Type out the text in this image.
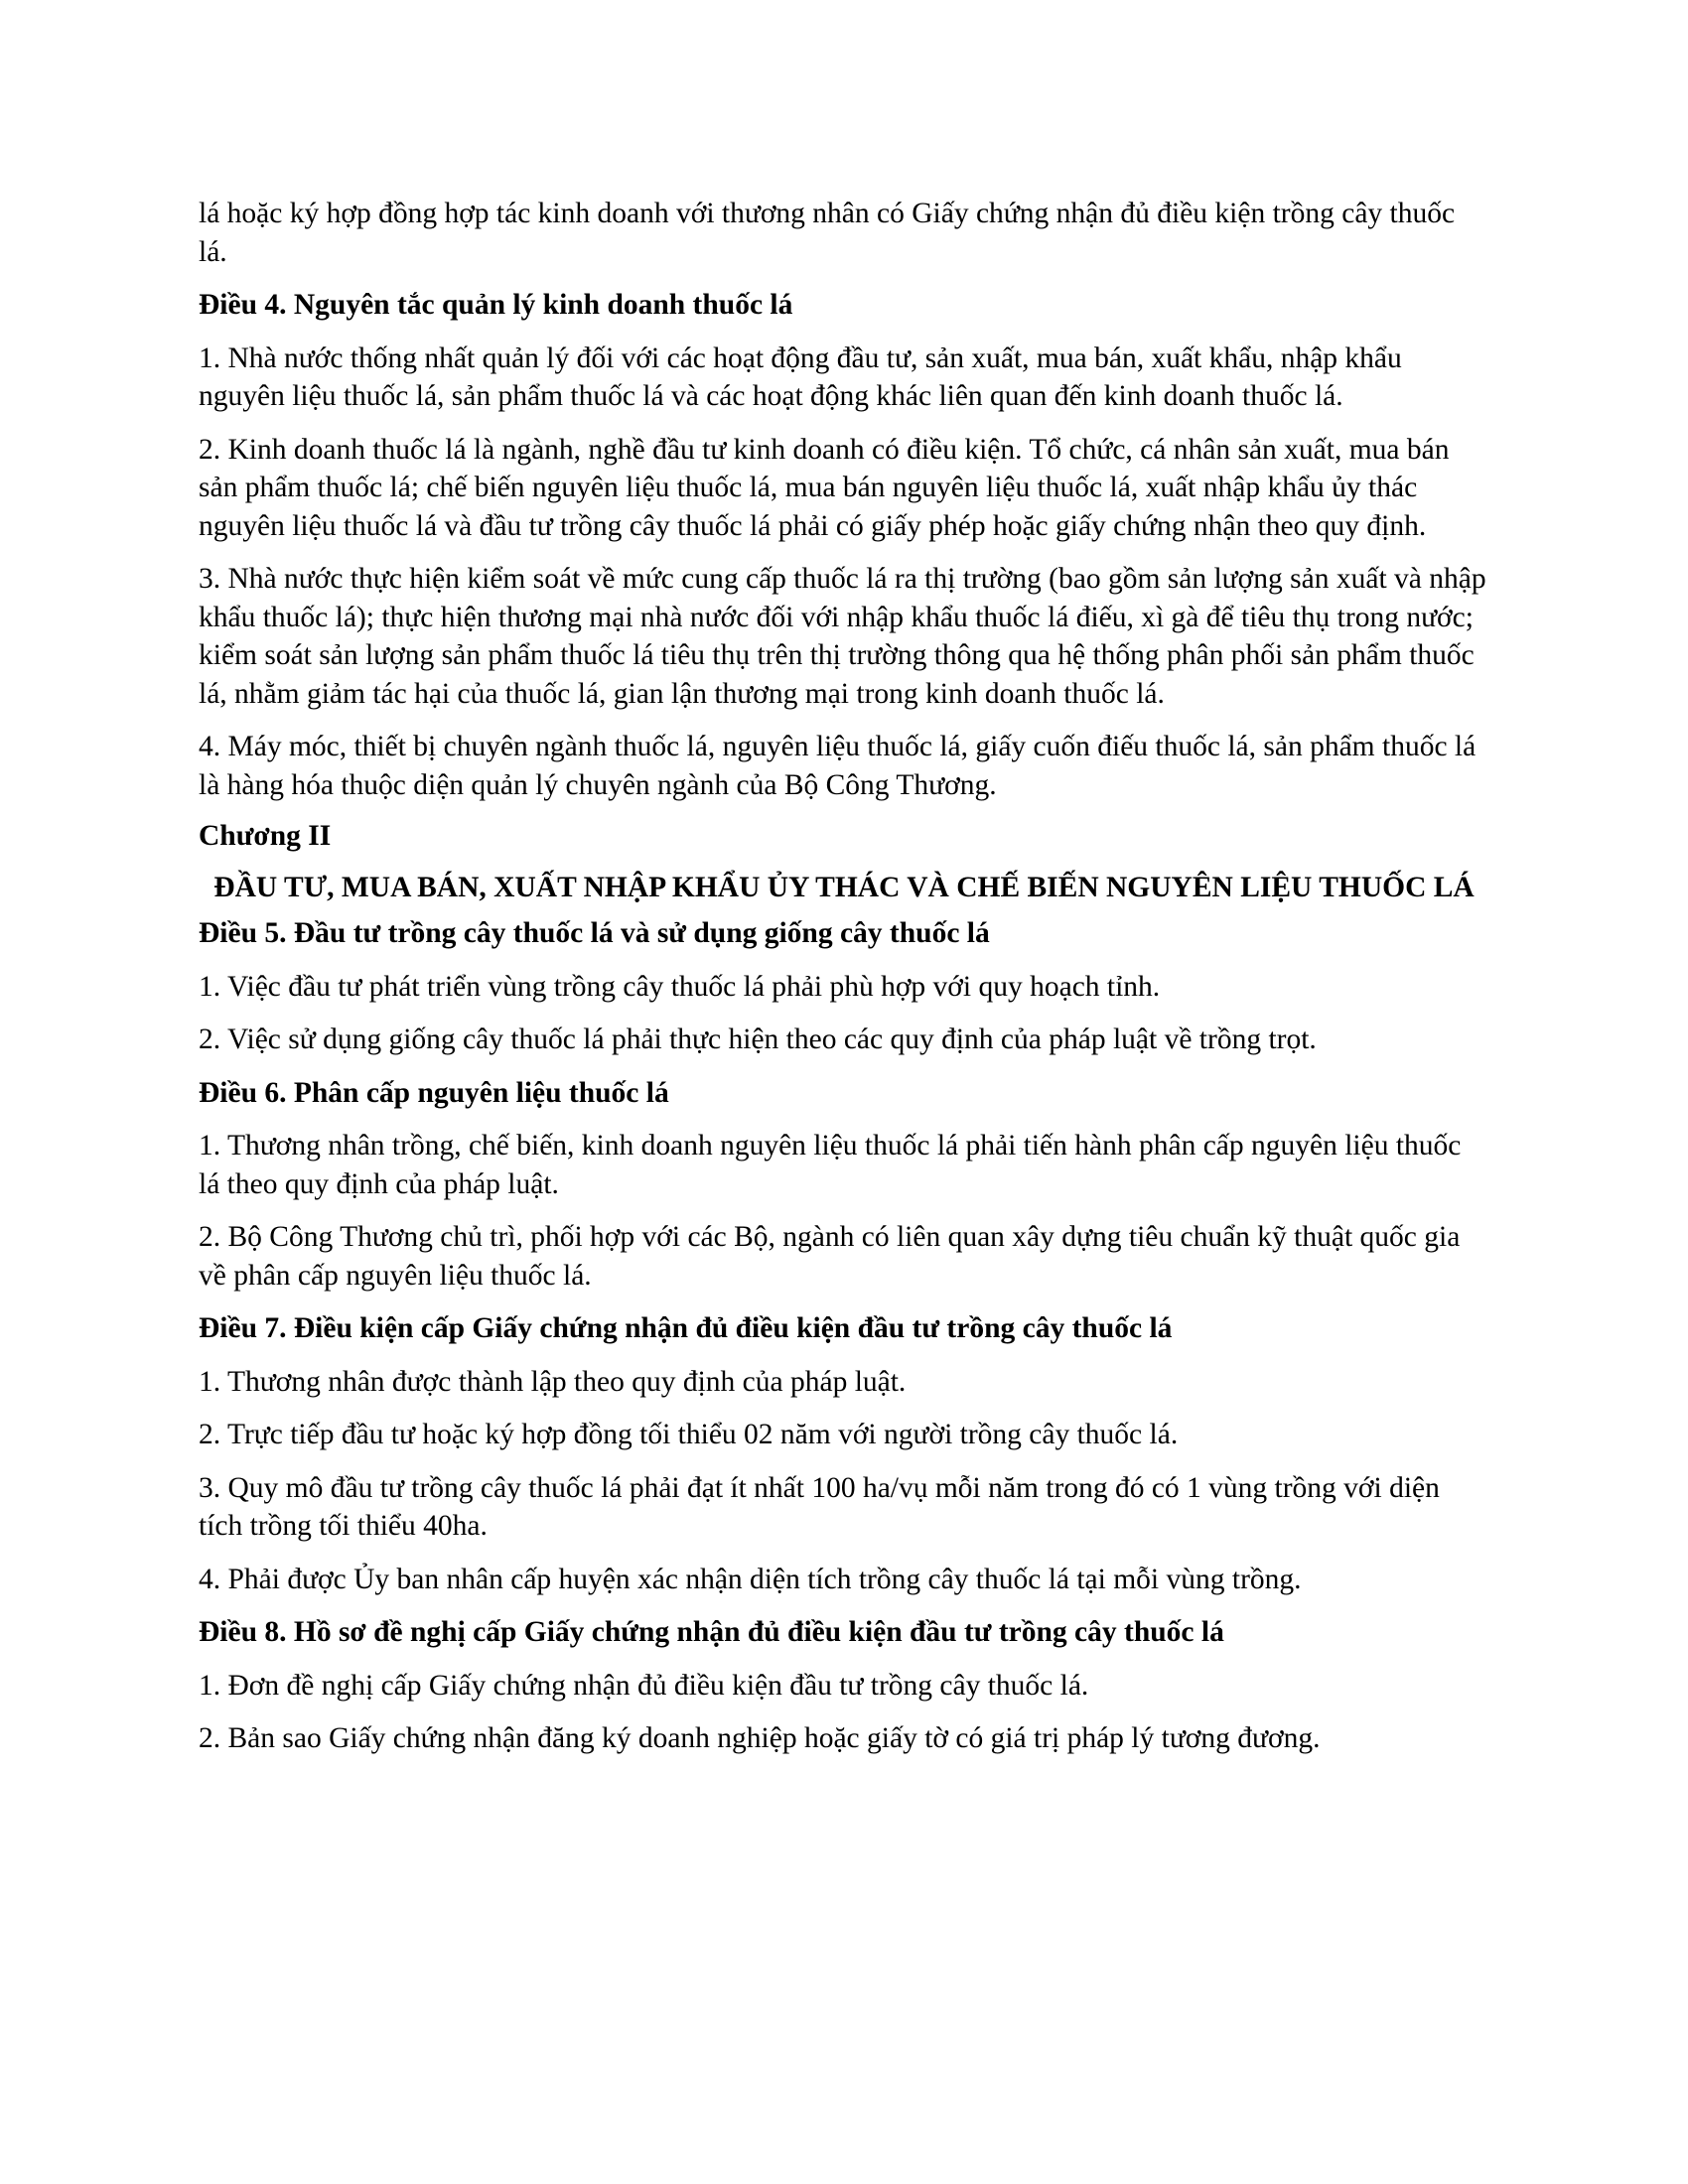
lá hoặc ký hợp đồng hợp tác kinh doanh với thương nhân có Giấy chứng nhận đủ điều kiện trồng cây thuốc lá.

Điều 4. Nguyên tắc quản lý kinh doanh thuốc lá

1. Nhà nước thống nhất quản lý đối với các hoạt động đầu tư, sản xuất, mua bán, xuất khẩu, nhập khẩu nguyên liệu thuốc lá, sản phẩm thuốc lá và các hoạt động khác liên quan đến kinh doanh thuốc lá.

2. Kinh doanh thuốc lá là ngành, nghề đầu tư kinh doanh có điều kiện. Tổ chức, cá nhân sản xuất, mua bán sản phẩm thuốc lá; chế biến nguyên liệu thuốc lá, mua bán nguyên liệu thuốc lá, xuất nhập khẩu ủy thác nguyên liệu thuốc lá và đầu tư trồng cây thuốc lá phải có giấy phép hoặc giấy chứng nhận theo quy định.

3. Nhà nước thực hiện kiểm soát về mức cung cấp thuốc lá ra thị trường (bao gồm sản lượng sản xuất và nhập khẩu thuốc lá); thực hiện thương mại nhà nước đối với nhập khẩu thuốc lá điếu, xì gà để tiêu thụ trong nước; kiểm soát sản lượng sản phẩm thuốc lá tiêu thụ trên thị trường thông qua hệ thống phân phối sản phẩm thuốc lá, nhằm giảm tác hại của thuốc lá, gian lận thương mại trong kinh doanh thuốc lá.

4. Máy móc, thiết bị chuyên ngành thuốc lá, nguyên liệu thuốc lá, giấy cuốn điếu thuốc lá, sản phẩm thuốc lá là hàng hóa thuộc diện quản lý chuyên ngành của Bộ Công Thương.

Chương II

ĐẦU TƯ, MUA BÁN, XUẤT NHẬP KHẨU ỦY THÁC VÀ CHẾ BIẾN NGUYÊN LIỆU THUỐC LÁ

Điều 5. Đầu tư trồng cây thuốc lá và sử dụng giống cây thuốc lá

1. Việc đầu tư phát triển vùng trồng cây thuốc lá phải phù hợp với quy hoạch tỉnh.

2. Việc sử dụng giống cây thuốc lá phải thực hiện theo các quy định của pháp luật về trồng trọt.

Điều 6. Phân cấp nguyên liệu thuốc lá

1. Thương nhân trồng, chế biến, kinh doanh nguyên liệu thuốc lá phải tiến hành phân cấp nguyên liệu thuốc lá theo quy định của pháp luật.

2. Bộ Công Thương chủ trì, phối hợp với các Bộ, ngành có liên quan xây dựng tiêu chuẩn kỹ thuật quốc gia về phân cấp nguyên liệu thuốc lá.

Điều 7. Điều kiện cấp Giấy chứng nhận đủ điều kiện đầu tư trồng cây thuốc lá

1. Thương nhân được thành lập theo quy định của pháp luật.

2. Trực tiếp đầu tư hoặc ký hợp đồng tối thiểu 02 năm với người trồng cây thuốc lá.

3. Quy mô đầu tư trồng cây thuốc lá phải đạt ít nhất 100 ha/vụ mỗi năm trong đó có 1 vùng trồng với diện tích trồng tối thiểu 40ha.

4. Phải được Ủy ban nhân cấp huyện xác nhận diện tích trồng cây thuốc lá tại mỗi vùng trồng.

Điều 8. Hồ sơ đề nghị cấp Giấy chứng nhận đủ điều kiện đầu tư trồng cây thuốc lá

1. Đơn đề nghị cấp Giấy chứng nhận đủ điều kiện đầu tư trồng cây thuốc lá.

2. Bản sao Giấy chứng nhận đăng ký doanh nghiệp hoặc giấy tờ có giá trị pháp lý tương đương.
